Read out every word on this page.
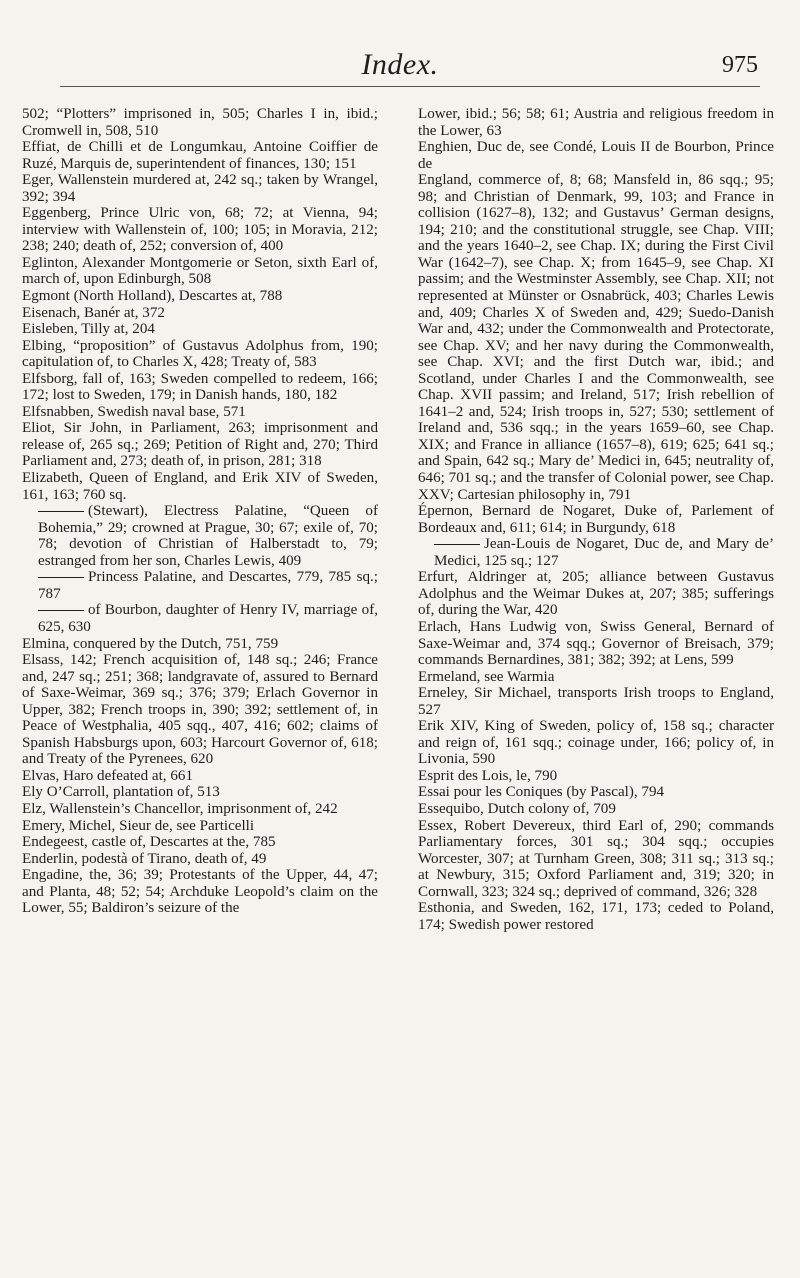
Index.	975

502; “Plotters” imprisoned in, 505; Charles I in, ibid.; Cromwell in, 508, 510

Effiat, de Chilli et de Longumkau, Antoine Coiffier de Ruzé, Marquis de, superintendent of finances, 130; 151

Eger, Wallenstein murdered at, 242 sq.; taken by Wrangel, 392; 394

Eggenberg, Prince Ulric von, 68; 72; at Vienna, 94; interview with Wallenstein of, 100; 105; in Moravia, 212; 238; 240; death of, 252; conversion of, 400

Eglinton, Alexander Montgomerie or Seton, sixth Earl of, march of, upon Edinburgh, 508

Egmont (North Holland), Descartes at, 788

Eisenach, Banér at, 372

Eisleben, Tilly at, 204

Elbing, “proposition” of Gustavus Adolphus from, 190; capitulation of, to Charles X, 428; Treaty of, 583

Elfsborg, fall of, 163; Sweden compelled to redeem, 166; 172; lost to Sweden, 179; in Danish hands, 180, 182

Elfsnabben, Swedish naval base, 571

Eliot, Sir John, in Parliament, 263; imprisonment and release of, 265 sq.; 269; Petition of Right and, 270; Third Parliament and, 273; death of, in prison, 281; 318

Elizabeth, Queen of England, and Erik XIV of Sweden, 161, 163; 760 sq.

(Stewart), Electress Palatine, “Queen of Bohemia,” 29; crowned at Prague, 30; 67; exile of, 70; 78; devotion of Christian of Halberstadt to, 79; estranged from her son, Charles Lewis, 409

Princess Palatine, and Descartes, 779, 785 sq.; 787

of Bourbon, daughter of Henry IV, marriage of, 625, 630

Elmina, conquered by the Dutch, 751, 759

Elsass, 142; French acquisition of, 148 sq.; 246; France and, 247 sq.; 251; 368; landgravate of, assured to Bernard of Saxe-Weimar, 369 sq.; 376; 379; Erlach Governor in Upper, 382; French troops in, 390; 392; settlement of, in Peace of Westphalia, 405 sqq., 407, 416; 602; claims of Spanish Habsburgs upon, 603; Harcourt Governor of, 618; and Treaty of the Pyrenees, 620

Elvas, Haro defeated at, 661

Ely O’Carroll, plantation of, 513

Elz, Wallenstein’s Chancellor, imprisonment of, 242

Emery, Michel, Sieur de, see Particelli

Endegeest, castle of, Descartes at the, 785

Enderlin, podestà of Tirano, death of, 49

Engadine, the, 36; 39; Protestants of the Upper, 44, 47; and Planta, 48; 52; 54; Archduke Leopold’s claim on the Lower, 55; Baldiron’s seizure of the

Lower, ibid.; 56; 58; 61; Austria and religious freedom in the Lower, 63

Enghien, Duc de, see Condé, Louis II de Bourbon, Prince de

England, commerce of, 8; 68; Mansfeld in, 86 sqq.; 95; 98; and Christian of Denmark, 99, 103; and France in collision (1627–8), 132; and Gustavus’ German designs, 194; 210; and the constitutional struggle, see Chap. VIII; and the years 1640–2, see Chap. IX; during the First Civil War (1642–7), see Chap. X; from 1645–9, see Chap. XI passim; and the Westminster Assembly, see Chap. XII; not represented at Münster or Osnabrück, 403; Charles Lewis and, 409; Charles X of Sweden and, 429; Suedo-Danish War and, 432; under the Commonwealth and Protectorate, see Chap. XV; and her navy during the Commonwealth, see Chap. XVI; and the first Dutch war, ibid.; and Scotland, under Charles I and the Commonwealth, see Chap. XVII passim; and Ireland, 517; Irish rebellion of 1641–2 and, 524; Irish troops in, 527; 530; settlement of Ireland and, 536 sqq.; in the years 1659–60, see Chap. XIX; and France in alliance (1657–8), 619; 625; 641 sq.; and Spain, 642 sq.; Mary de’ Medici in, 645; neutrality of, 646; 701 sq.; and the transfer of Colonial power, see Chap. XXV; Cartesian philosophy in, 791

Épernon, Bernard de Nogaret, Duke of, Parlement of Bordeaux and, 611; 614; in Burgundy, 618

Jean-Louis de Nogaret, Duc de, and Mary de’ Medici, 125 sq.; 127

Erfurt, Aldringer at, 205; alliance between Gustavus Adolphus and the Weimar Dukes at, 207; 385; sufferings of, during the War, 420

Erlach, Hans Ludwig von, Swiss General, Bernard of Saxe-Weimar and, 374 sqq.; Governor of Breisach, 379; commands Bernardines, 381; 382; 392; at Lens, 599

Ermeland, see Warmia

Erneley, Sir Michael, transports Irish troops to England, 527

Erik XIV, King of Sweden, policy of, 158 sq.; character and reign of, 161 sqq.; coinage under, 166; policy of, in Livonia, 590

Esprit des Lois, le, 790

Essai pour les Coniques (by Pascal), 794

Essequibo, Dutch colony of, 709

Essex, Robert Devereux, third Earl of, 290; commands Parliamentary forces, 301 sq.; 304 sqq.; occupies Worcester, 307; at Turnham Green, 308; 311 sq.; 313 sq.; at Newbury, 315; Oxford Parliament and, 319; 320; in Cornwall, 323; 324 sq.; deprived of command, 326; 328

Esthonia, and Sweden, 162, 171, 173; ceded to Poland, 174; Swedish power restored
